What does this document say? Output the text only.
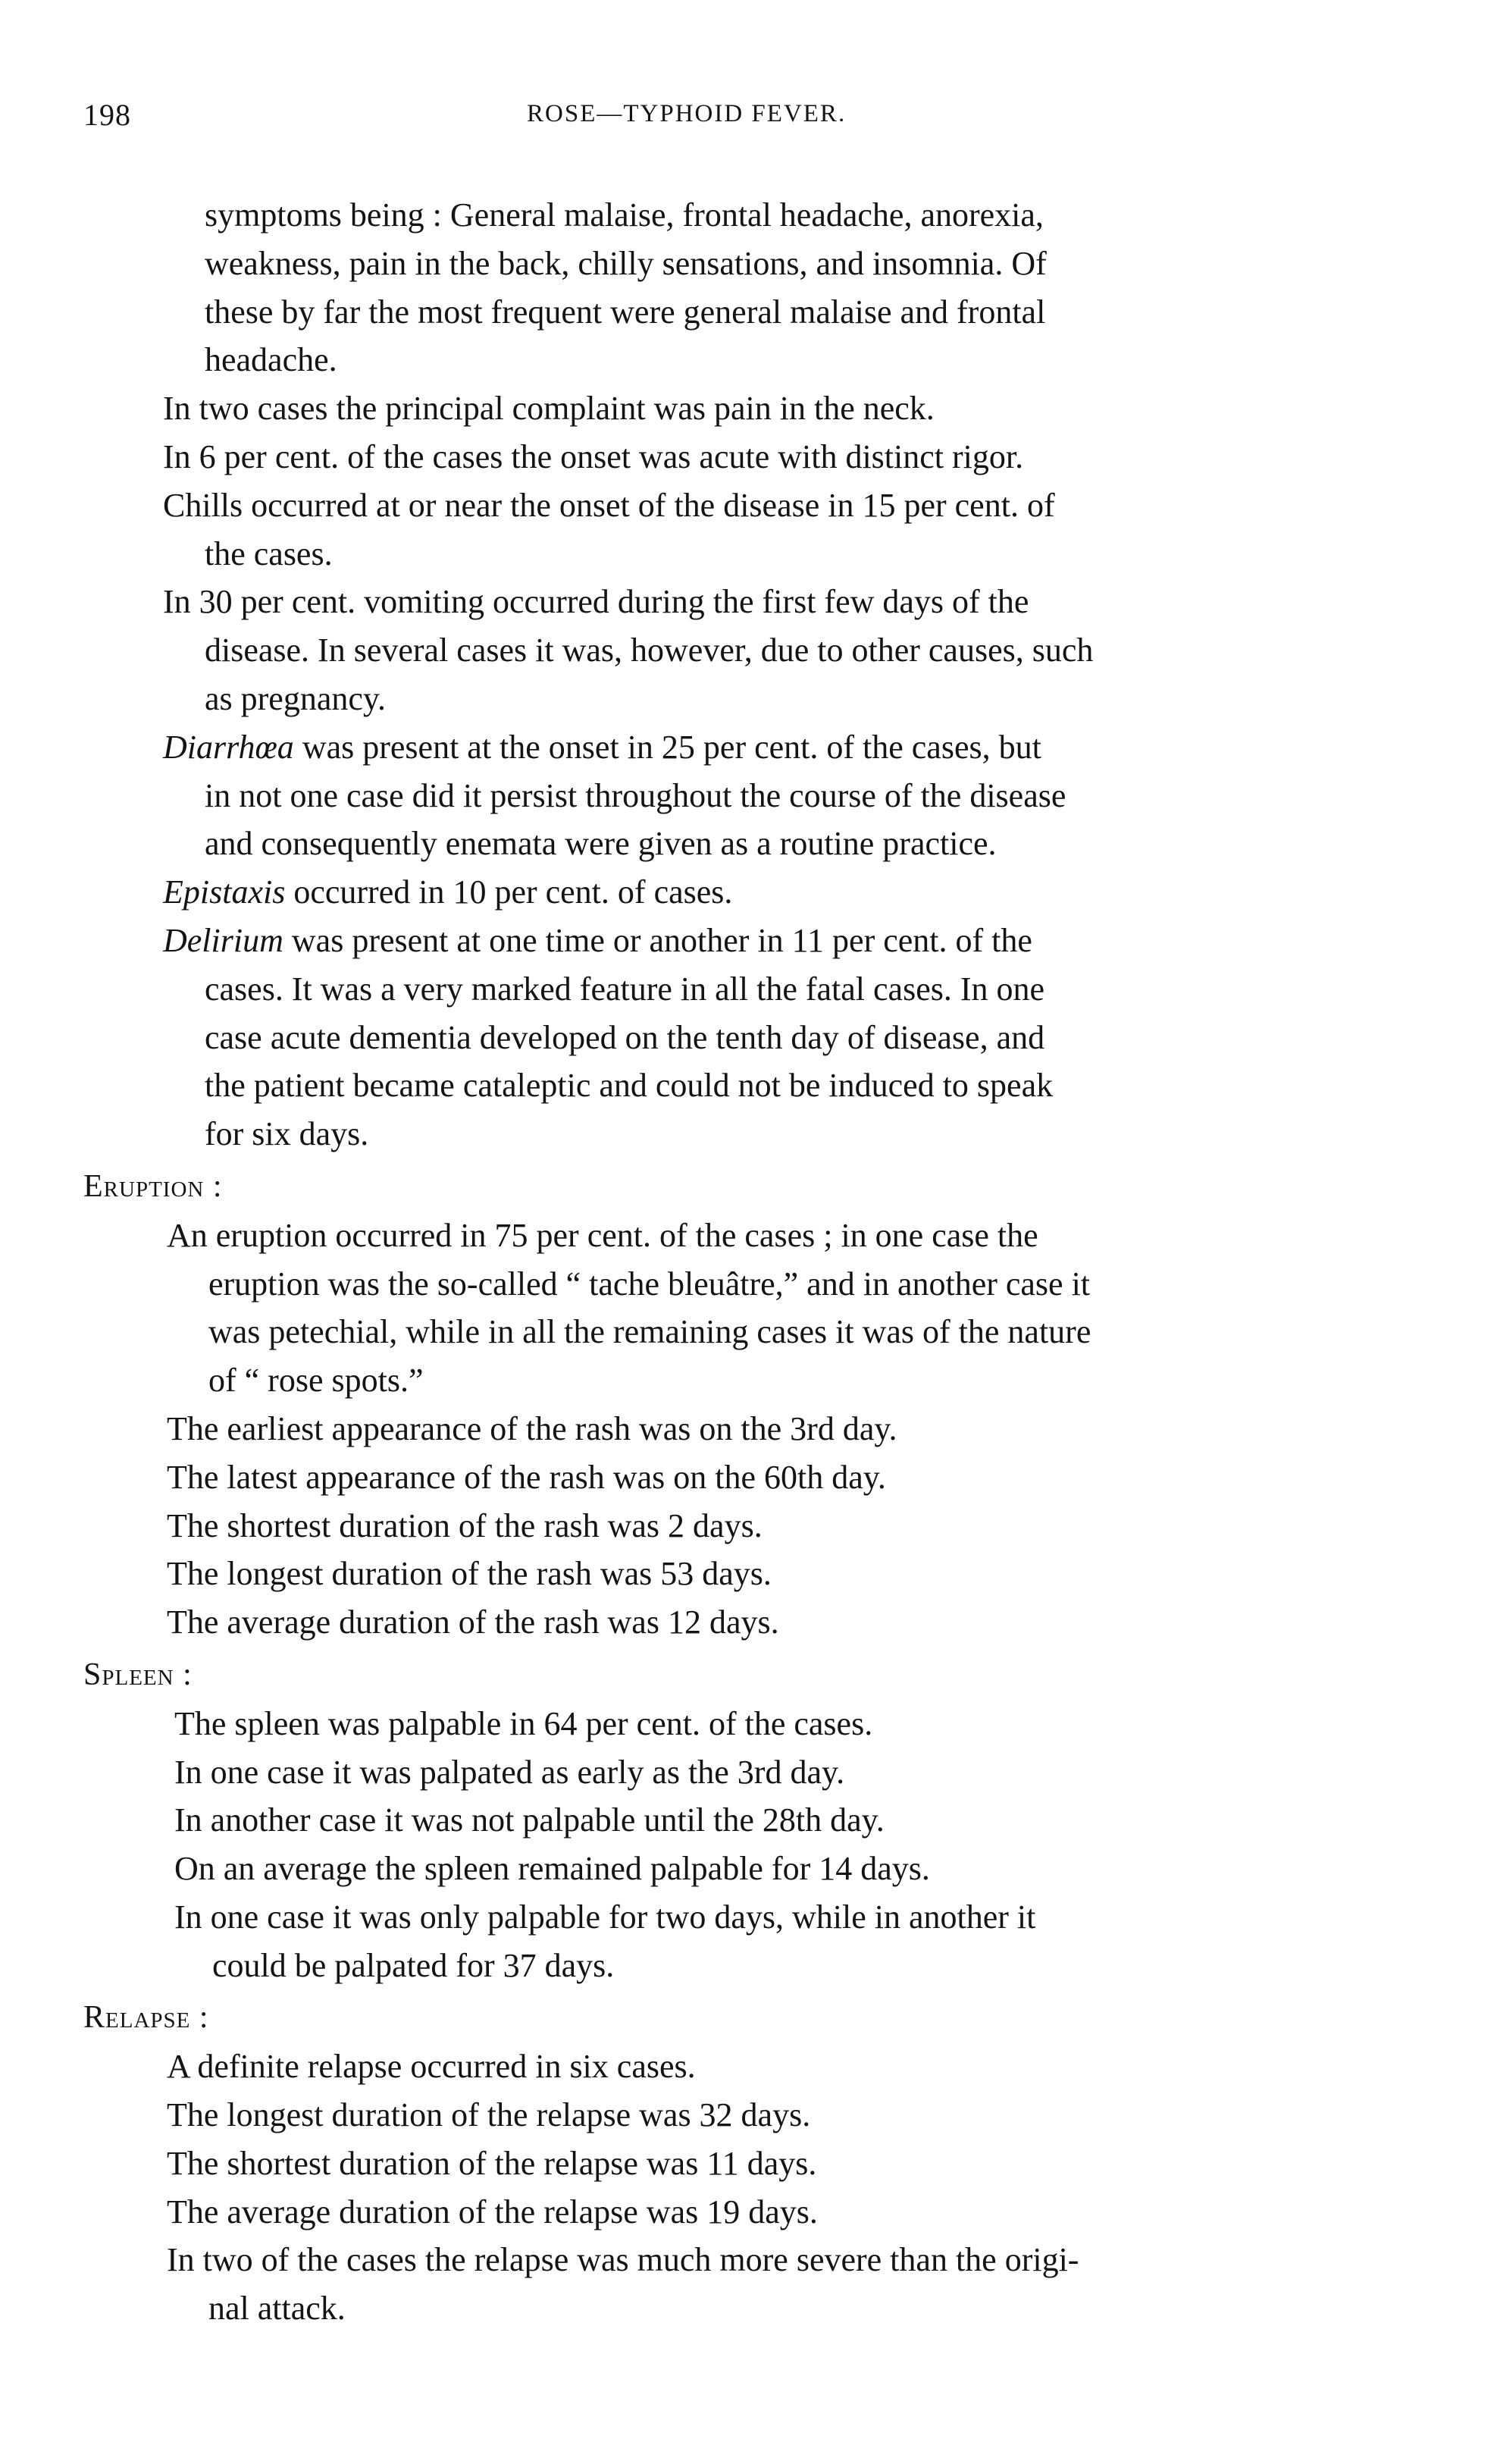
198	ROSE—TYPHOID FEVER.

symptoms being : General malaise, frontal headache, anorexia,

weakness, pain in the back, chilly sensations, and insomnia. Of

these by far the most frequent were general malaise and frontal

headache.

In two cases the principal complaint was pain in the neck.

In 6 per cent. of the cases the onset was acute with distinct rigor.

Chills occurred at or near the onset of the disease in 15 per cent. of

the cases.

In 30 per cent. vomiting occurred during the first few days of the

disease. In several cases it was, however, due to other causes, such

as pregnancy.

Diarrhœa was present at the onset in 25 per cent. of the cases, but

in not one case did it persist throughout the course of the disease

and consequently enemata were given as a routine practice.

Epistaxis occurred in 10 per cent. of cases.

Delirium was present at one time or another in 11 per cent. of the

cases. It was a very marked feature in all the fatal cases. In one

case acute dementia developed on the tenth day of disease, and

the patient became cataleptic and could not be induced to speak

for six days.

Eruption :

An eruption occurred in 75 per cent. of the cases ; in one case the

eruption was the so-called “ tache bleuâtre,” and in another case it

was petechial, while in all the remaining cases it was of the nature

of “ rose spots.”

The earliest appearance of the rash was on the 3rd day.

The latest appearance of the rash was on the 60th day.

The shortest duration of the rash was 2 days.

The longest duration of the rash was 53 days.

The average duration of the rash was 12 days.

Spleen :

The spleen was palpable in 64 per cent. of the cases.

In one case it was palpated as early as the 3rd day.

In another case it was not palpable until the 28th day.

On an average the spleen remained palpable for 14 days.

In one case it was only palpable for two days, while in another it

could be palpated for 37 days.

Relapse :

A definite relapse occurred in six cases.

The longest duration of the relapse was 32 days.

The shortest duration of the relapse was 11 days.

The average duration of the relapse was 19 days.

In two of the cases the relapse was much more severe than the origi-

nal attack.
